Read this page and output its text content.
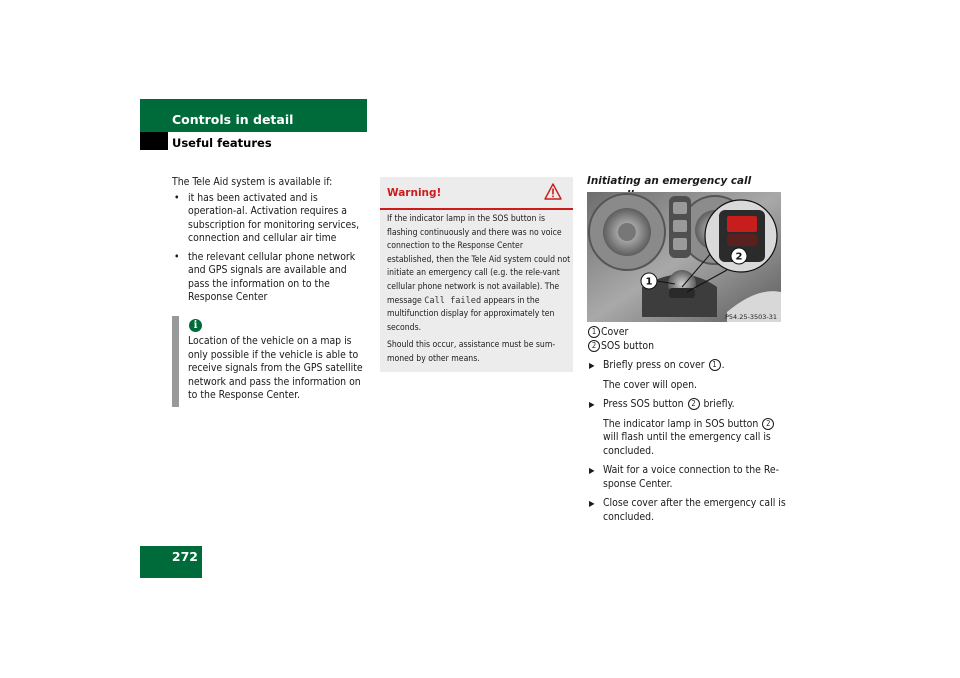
Controls in detail
Useful features

The Tele Aid system is available if:

• it has been activated and is operation-al. Activation requires a subscription for monitoring services, connection and cellular air time
• the relevant cellular phone network and GPS signals are available and pass the information on to the Response Center
i
Location of the vehicle on a map is only possible if the vehicle is able to receive signals from the GPS satellite network and pass the information on to the Response Center.
Warning!

If the indicator lamp in the SOS button is flashing continuously and there was no voice connection to the Response Center established, then the Tele Aid system could not initiate an emergency call (e.g. the rele-vant cellular phone network is not available). The message Call failed appears in the multifunction display for approximately ten seconds.

Should this occur, assistance must be sum-moned by other means.

Initiating an emergency call
1
2
P54.25-3503-31
1 Cover
2 SOS button
▶ Briefly press on cover 1 .

The cover will open.

▶ Press SOS button 2 briefly.

The indicator lamp in SOS button 2 will flash until the emergency call is concluded.

▶ Wait for a voice connection to the Re-sponse Center.

▶ Close cover after the emergency call is concluded.

272
